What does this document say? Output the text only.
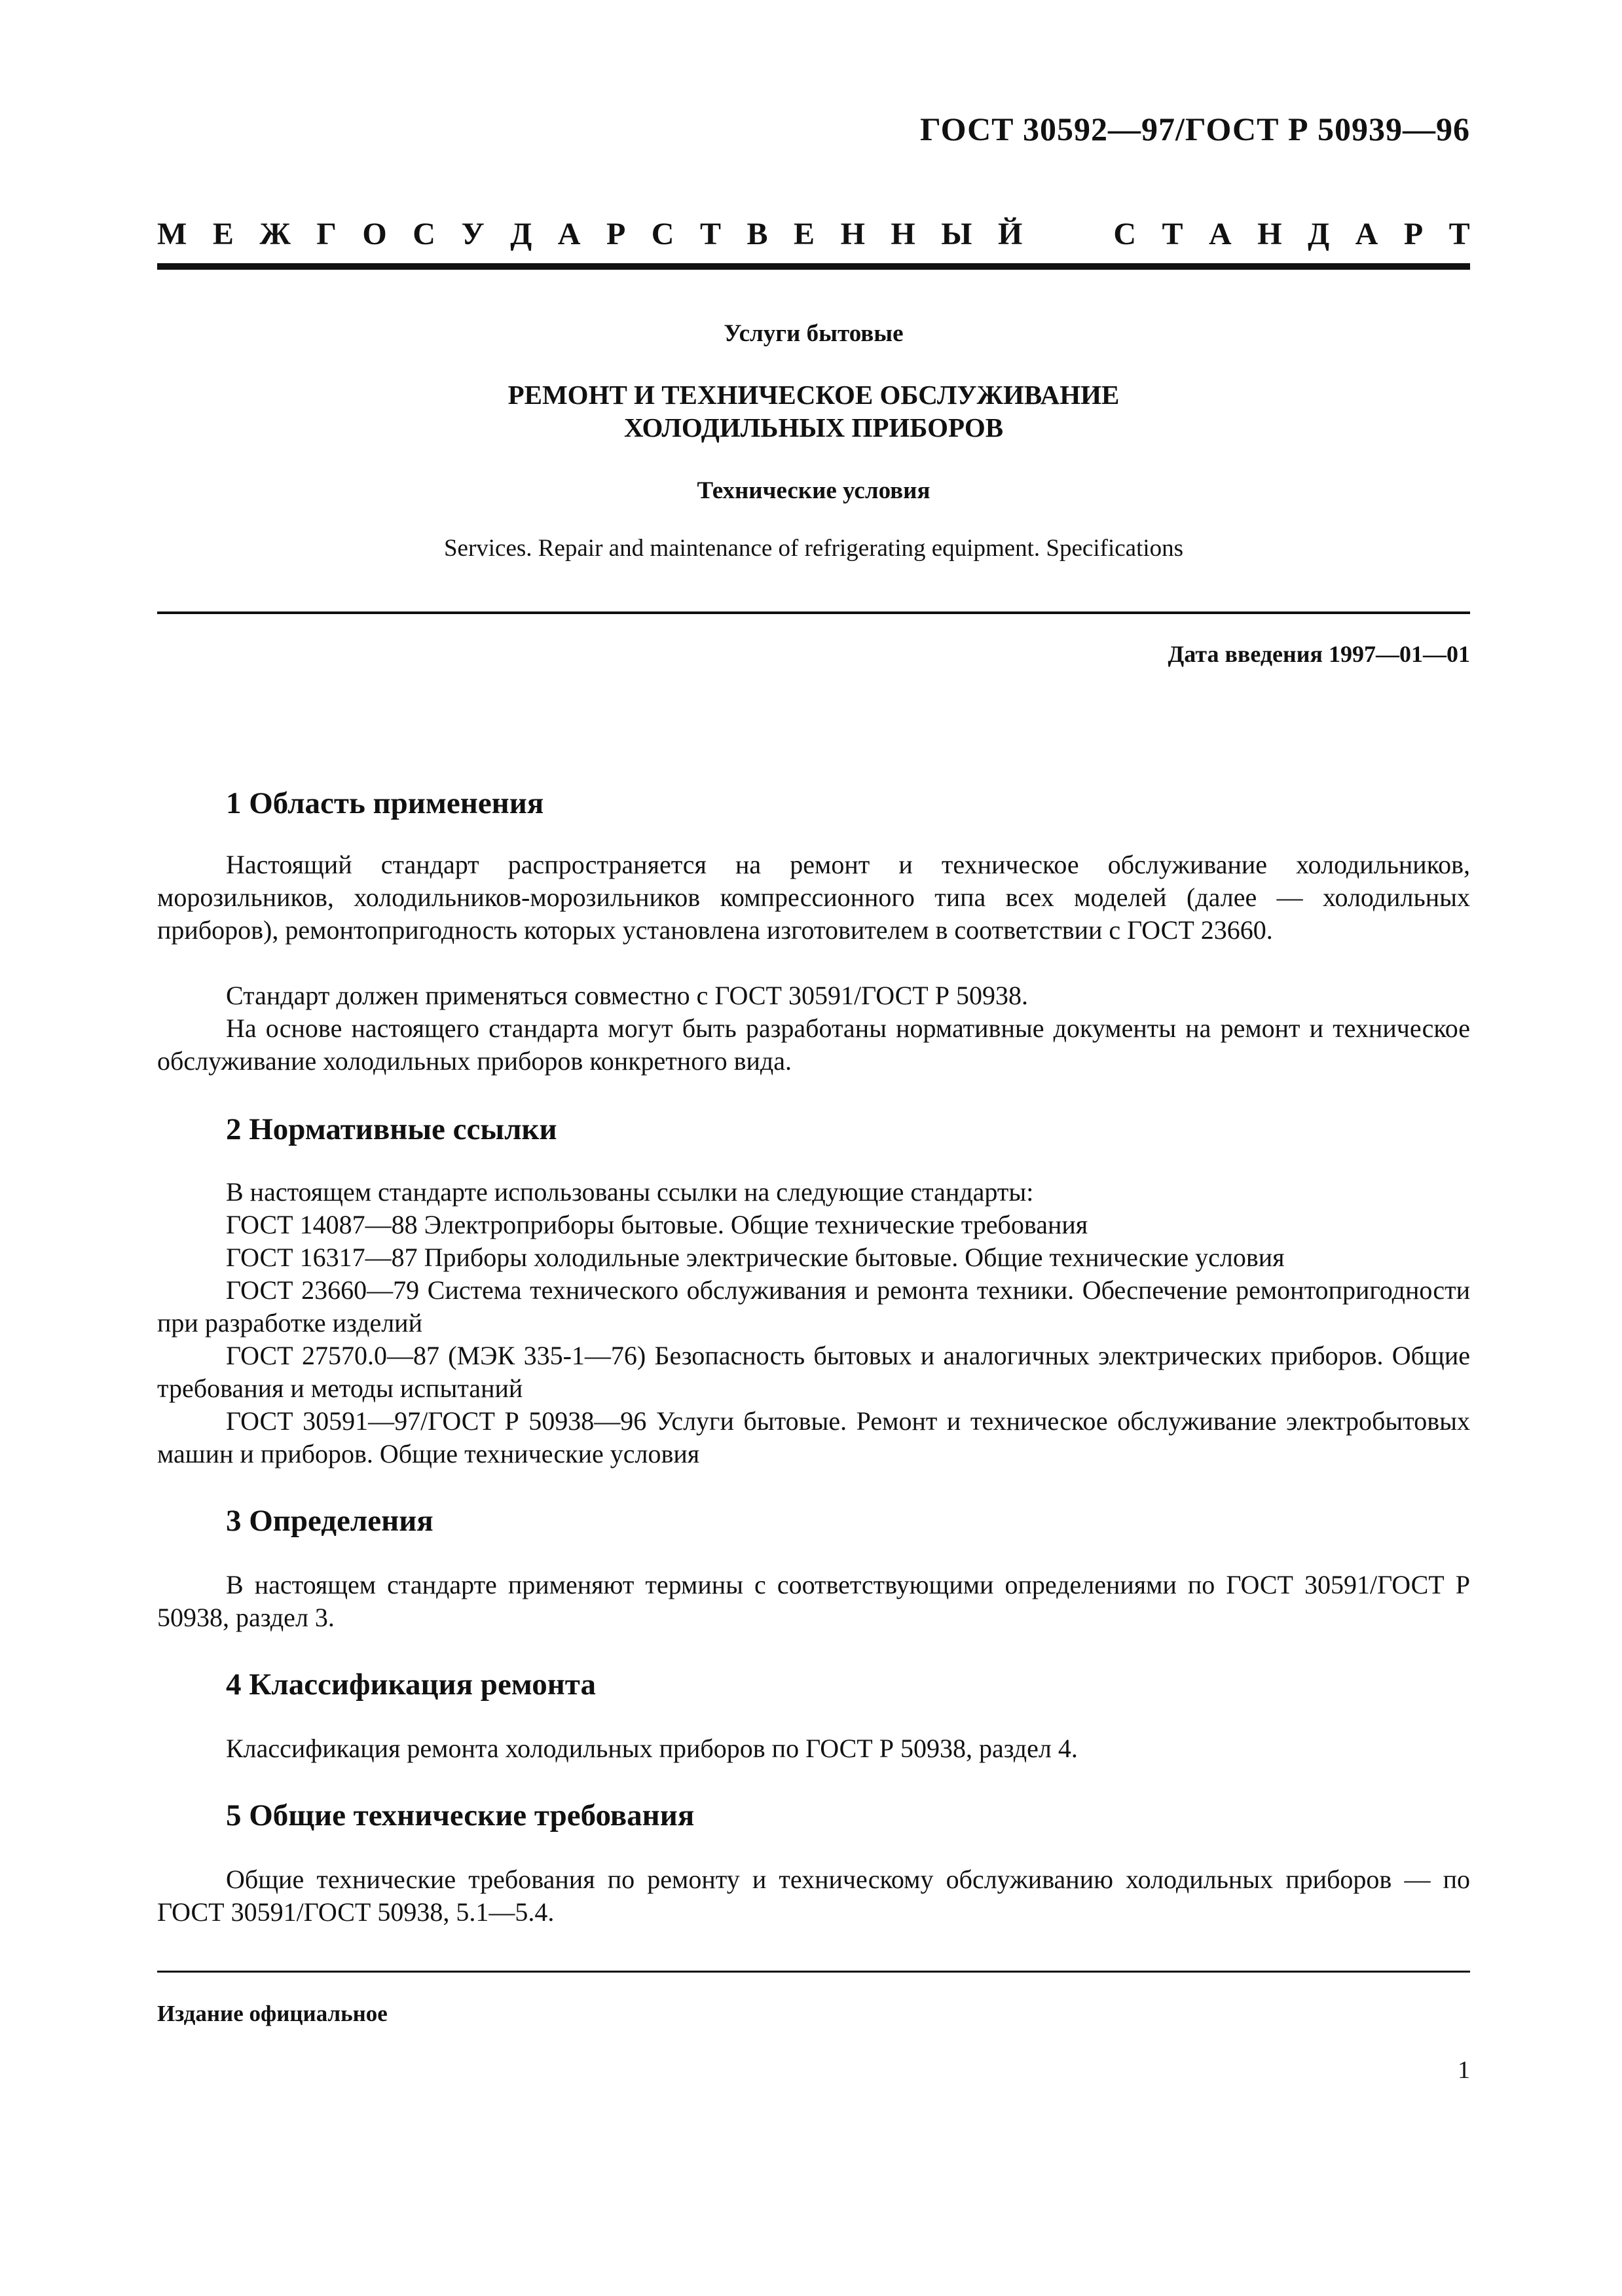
ГОСТ 30592—97/ГОСТ Р 50939—96
М Е Ж Г О С У Д А Р С Т В Е Н Н Ы Й	С Т А Н Д А Р Т
Услуги бытовые
РЕМОНТ И ТЕХНИЧЕСКОЕ ОБСЛУЖИВАНИЕ
ХОЛОДИЛЬНЫХ ПРИБОРОВ
Технические условия
Services. Repair and maintenance of refrigerating equipment. Specifications
Дата введения 1997—01—01
1 Область применения

Настоящий стандарт распространяется на ремонт и техническое обслуживание холодильников, морозильников, холодильников-морозильников компрессионного типа всех моделей (далее — холодильных приборов), ремонтопригодность которых установлена изготовителем в соответствии с ГОСТ 23660.

Стандарт должен применяться совместно с ГОСТ 30591/ГОСТ Р 50938.

На основе настоящего стандарта могут быть разработаны нормативные документы на ремонт и техническое обслуживание холодильных приборов конкретного вида.

2 Нормативные ссылки

В настоящем стандарте использованы ссылки на следующие стандарты:

ГОСТ 14087—88 Электроприборы бытовые. Общие технические требования

ГОСТ 16317—87 Приборы холодильные электрические бытовые. Общие технические условия

ГОСТ 23660—79 Система технического обслуживания и ремонта техники. Обеспечение ремонтопригодности при разработке изделий

ГОСТ 27570.0—87 (МЭК 335-1—76) Безопасность бытовых и аналогичных электрических приборов. Общие требования и методы испытаний

ГОСТ 30591—97/ГОСТ Р 50938—96 Услуги бытовые. Ремонт и техническое обслуживание электробытовых машин и приборов. Общие технические условия

3 Определения

В настоящем стандарте применяют термины с соответствующими определениями по ГОСТ 30591/ГОСТ Р 50938, раздел 3.

4 Классификация ремонта

Классификация ремонта холодильных приборов по ГОСТ Р 50938, раздел 4.

5 Общие технические требования

Общие технические требования по ремонту и техническому обслуживанию холодильных приборов — по ГОСТ 30591/ГОСТ 50938, 5.1—5.4.

Издание официальное
1
